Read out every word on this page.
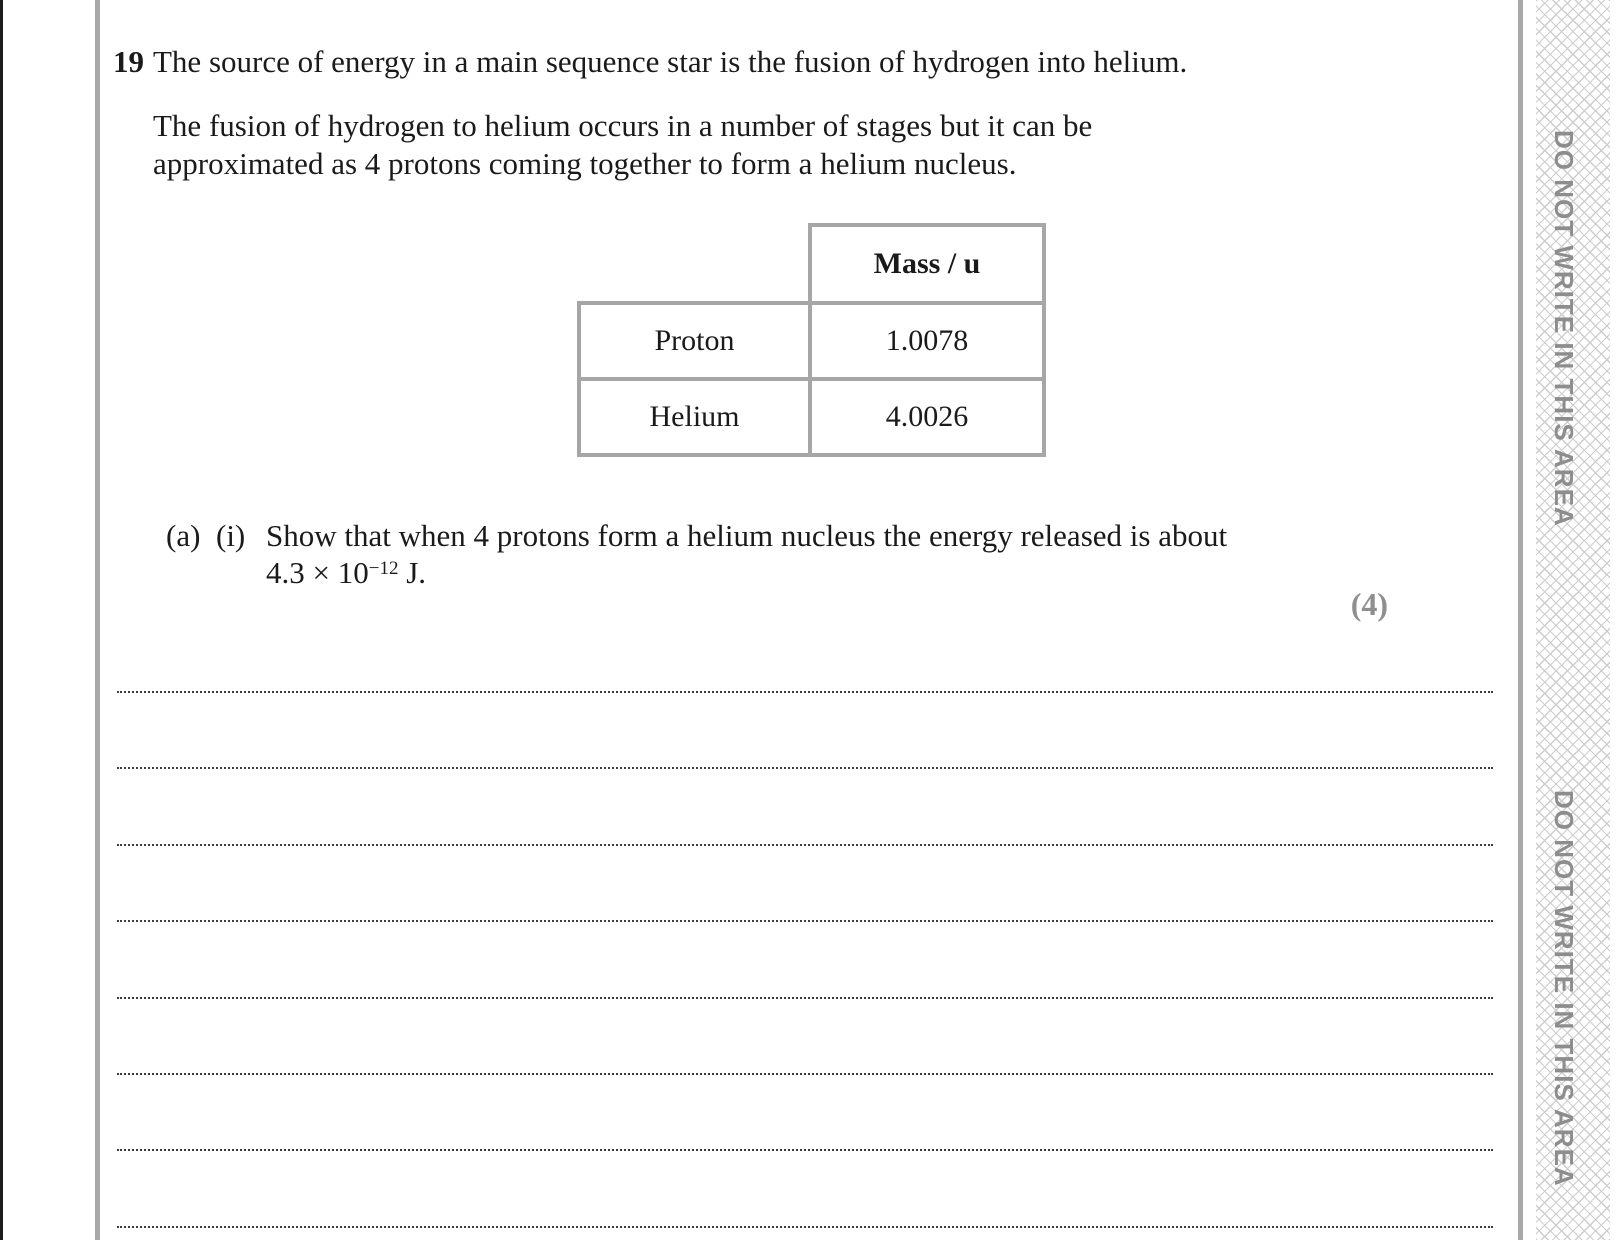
DO NOT WRITE IN THIS AREA
DO NOT WRITE IN THIS AREA
19 The source of energy in a main sequence star is the fusion of hydrogen into helium.
The fusion of hydrogen to helium occurs in a number of stages but it can be
approximated as 4 protons coming together to form a helium nucleus.
	Mass / u
Proton	1.0078
Helium	4.0026
(a) (i) Show that when 4 protons form a helium nucleus the energy released is about
$4.3 \times 10^{-12}$ J.
(4)
